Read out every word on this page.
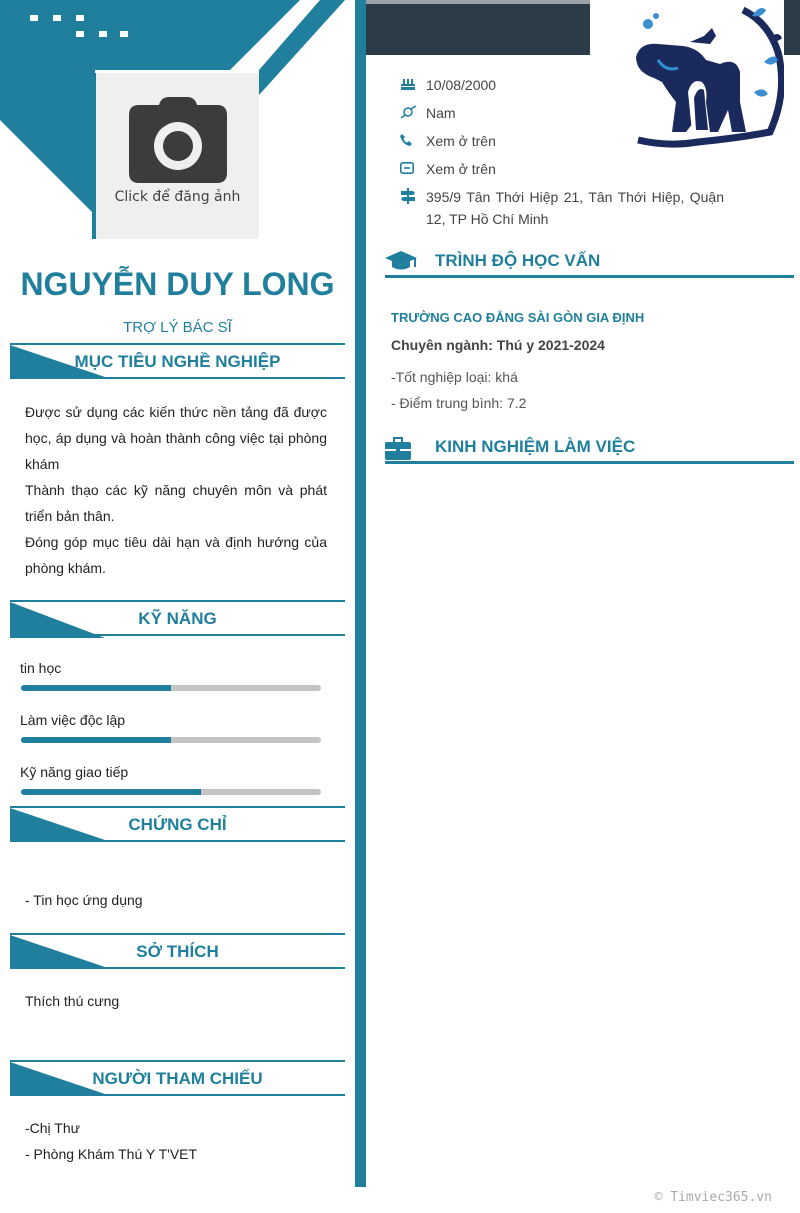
Click để đăng ảnh
NGUYỄN DUY LONG
TRỢ LÝ BÁC SĨ
MỤC TIÊU NGHỀ NGHIỆP
Được sử dụng các kiến thức nền tảng đã được học, áp dụng và hoàn thành công việc tại phòng khám
Thành thạo các kỹ năng chuyên môn và phát triển bản thân.
Đóng góp mục tiêu dài hạn và định hướng của phòng khám.
KỸ NĂNG
tin học
Làm việc độc lập
Kỹ năng giao tiếp
CHỨNG CHỈ
- Tin học ứng dụng
SỞ THÍCH
Thích thú cưng
NGƯỜI THAM CHIẾU
-Chị Thư
- Phòng Khám Thú Y T'VET
10/08/2000
Nam
Xem ở trên
Xem ở trên
395/9 Tân Thới Hiệp 21, Tân Thới Hiệp, Quận 12, TP Hồ Chí Minh
TRÌNH ĐỘ HỌC VẤN
TRƯỜNG CAO ĐẲNG SÀI GÒN GIA ĐỊNH
Chuyên ngành: Thú y 2021-2024
-Tốt nghiệp loại: khá
- Điểm trung bình: 7.2
KINH NGHIỆM LÀM VIỆC
© Timviec365.vn
